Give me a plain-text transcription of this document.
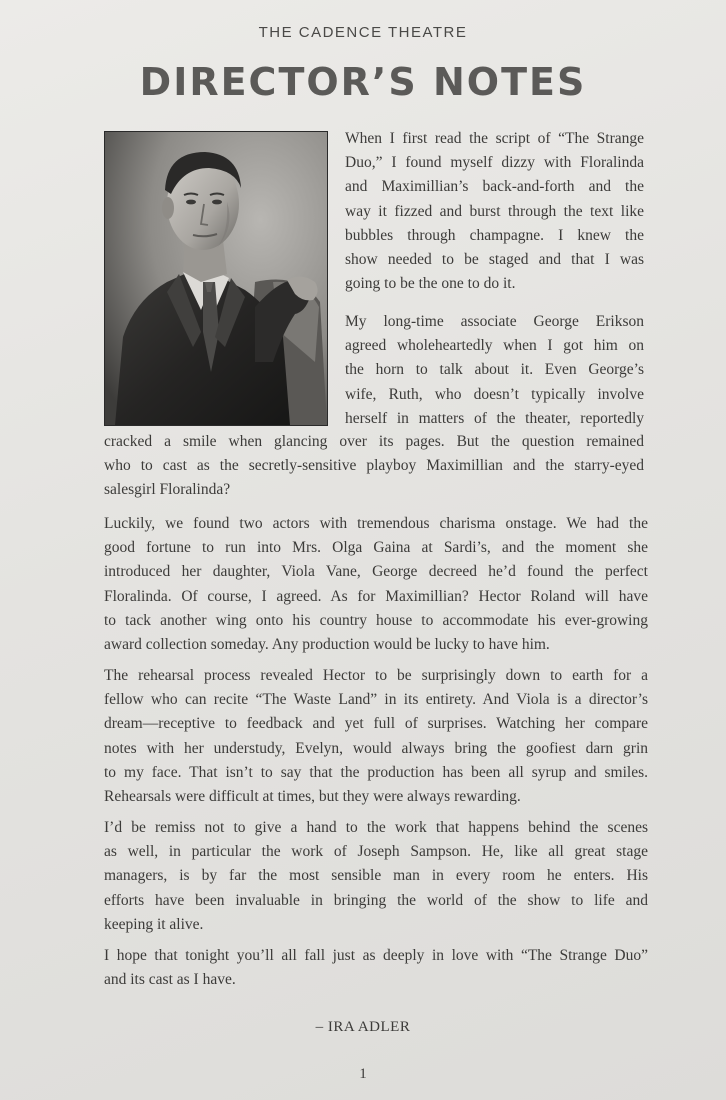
THE CADENCE THEATRE
DIRECTOR’S NOTES
When I first read the script of “The Strange
Duo,” I found myself dizzy with Floralinda
and Maximillian’s back-and-forth and the
way it fizzed and burst through the text like
bubbles through champagne. I knew the
show needed to be staged and that I was
going to be the one to do it.
My long-time associate George Erikson
agreed wholeheartedly when I got him on
the horn to talk about it. Even George’s
wife, Ruth, who doesn’t typically involve
herself in matters of the theater, reportedly
cracked a smile when glancing over its pages. But the question remained
who to cast as the secretly-sensitive playboy Maximillian and the starry-eyed
salesgirl Floralinda?
Luckily, we found two actors with tremendous charisma onstage. We had the
good fortune to run into Mrs. Olga Gaina at Sardi’s, and the moment she
introduced her daughter, Viola Vane, George decreed he’d found the perfect
Floralinda. Of course, I agreed. As for Maximillian? Hector Roland will have
to tack another wing onto his country house to accommodate his ever-growing
award collection someday. Any production would be lucky to have him.
The rehearsal process revealed Hector to be surprisingly down to earth for a
fellow who can recite “The Waste Land” in its entirety. And Viola is a director’s
dream—receptive to feedback and yet full of surprises. Watching her compare
notes with her understudy, Evelyn, would always bring the goofiest darn grin
to my face. That isn’t to say that the production has been all syrup and smiles.
Rehearsals were difficult at times, but they were always rewarding.
I’d be remiss not to give a hand to the work that happens behind the scenes
as well, in particular the work of Joseph Sampson. He, like all great stage
managers, is by far the most sensible man in every room he enters. His
efforts have been invaluable in bringing the world of the show to life and
keeping it alive.
I hope that tonight you’ll all fall just as deeply in love with “The Strange Duo”
and its cast as I have.
– IRA ADLER
1
